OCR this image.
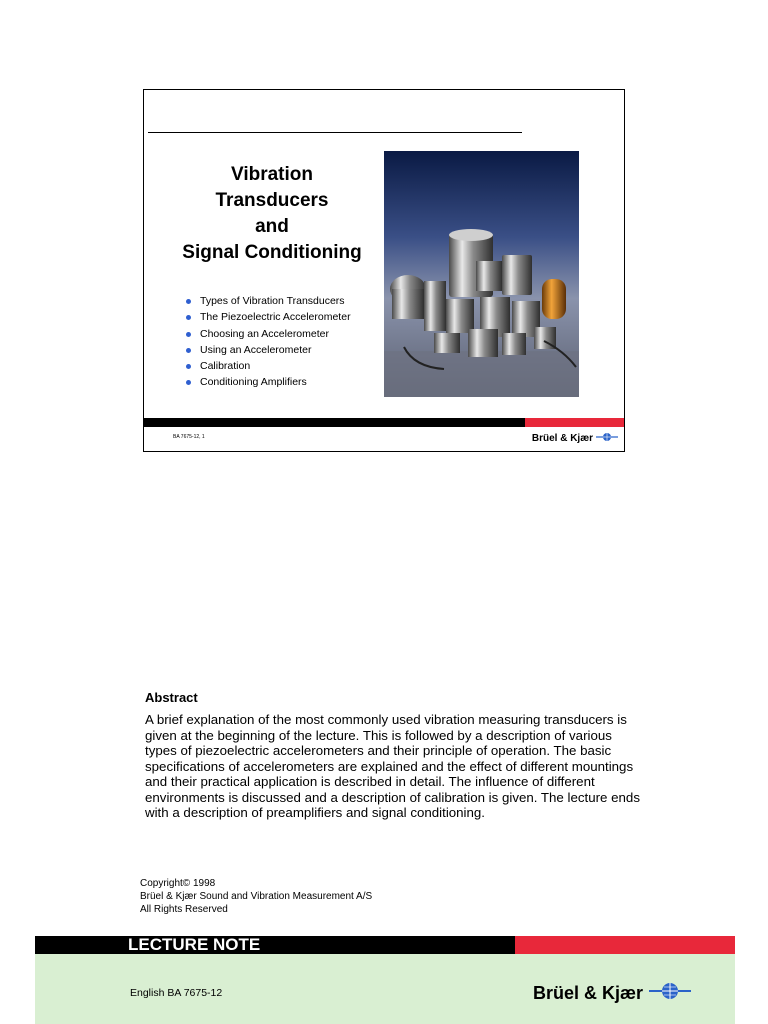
Vibration
Transducers
and
Signal Conditioning
Types of Vibration Transducers
The Piezoelectric Accelerometer
Choosing an Accelerometer
Using an Accelerometer
Calibration
Conditioning Amplifiers
BA 7675-12, 1	Brüel & Kjær
Abstract
A brief explanation of the most commonly used vibration measuring transducers is given at the beginning of the lecture. This is followed by a description of various types of piezoelectric accelerometers and their principle of operation. The basic specifications of accelerometers are explained and the effect of different mountings and their practical application is described in detail. The influence of different environments is discussed and a description of calibration is given. The lecture ends with a description of preamplifiers and signal conditioning.
Copyright© 1998
Brüel & Kjær Sound and Vibration Measurement A/S
All Rights Reserved
LECTURE NOTE
English BA 7675-12	Brüel & Kjær
